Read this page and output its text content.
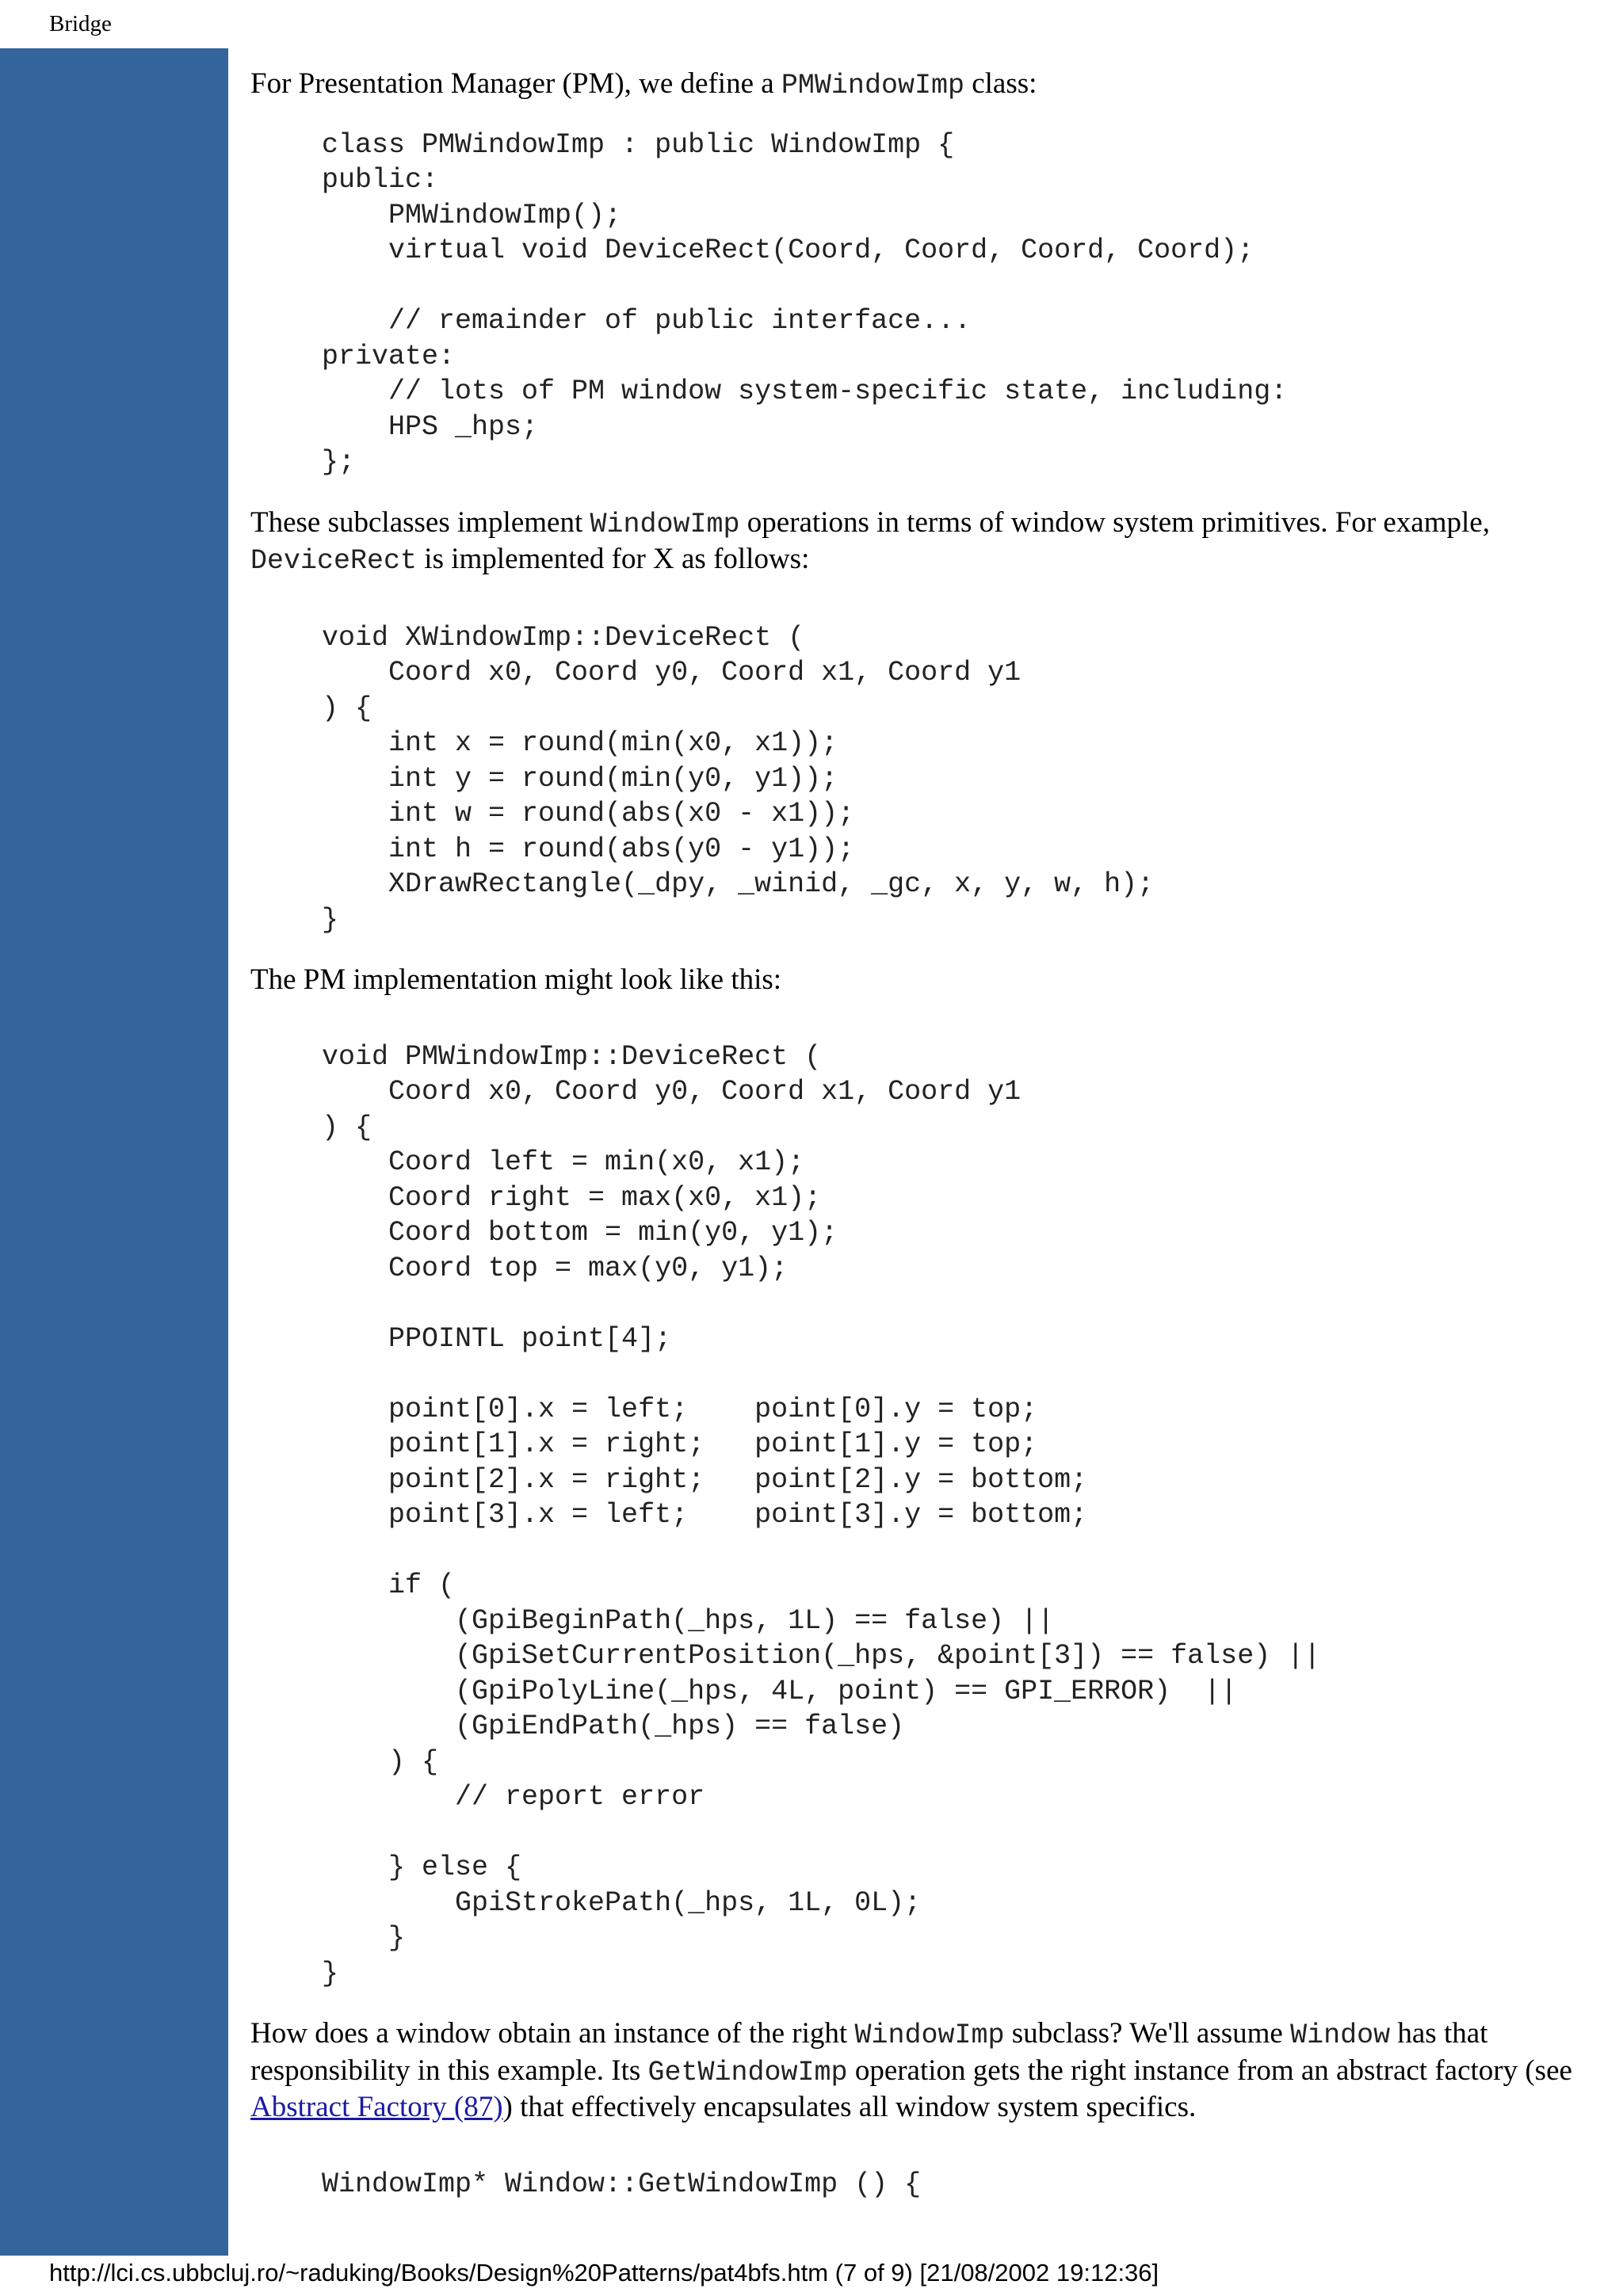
Bridge

For Presentation Manager (PM), we define a PMWindowImp class:

class PMWindowImp : public WindowImp {
public:
PMWindowImp();
virtual void DeviceRect(Coord, Coord, Coord, Coord);

// remainder of public interface...
private:
// lots of PM window system-specific state, including:
HPS _hps;
};

These subclasses implement WindowImp operations in terms of window system primitives. For example, DeviceRect is implemented for X as follows:

void XWindowImp::DeviceRect (
Coord x0, Coord y0, Coord x1, Coord y1
) {
int x = round(min(x0, x1));
int y = round(min(y0, y1));
int w = round(abs(x0 - x1));
int h = round(abs(y0 - y1));
XDrawRectangle(_dpy, _winid, _gc, x, y, w, h);
}

The PM implementation might look like this:

void PMWindowImp::DeviceRect (
Coord x0, Coord y0, Coord x1, Coord y1
) {
Coord left = min(x0, x1);
Coord right = max(x0, x1);
Coord bottom = min(y0, y1);
Coord top = max(y0, y1);

PPOINTL point[4];

point[0].x = left;    point[0].y = top;
point[1].x = right;   point[1].y = top;
point[2].x = right;   point[2].y = bottom;
point[3].x = left;    point[3].y = bottom;

if (
(GpiBeginPath(_hps, 1L) == false) ||
(GpiSetCurrentPosition(_hps, &point[3]) == false) ||
(GpiPolyLine(_hps, 4L, point) == GPI_ERROR)  ||
(GpiEndPath(_hps) == false)
) {
// report error

} else {
GpiStrokePath(_hps, 1L, 0L);
}
}

How does a window obtain an instance of the right WindowImp subclass? We'll assume Window has that responsibility in this example. Its GetWindowImp operation gets the right instance from an abstract factory (see Abstract Factory (87)) that effectively encapsulates all window system specifics.

WindowImp* Window::GetWindowImp () {
http://lci.cs.ubbcluj.ro/~raduking/Books/Design%20Patterns/pat4bfs.htm (7 of 9) [21/08/2002 19:12:36]
